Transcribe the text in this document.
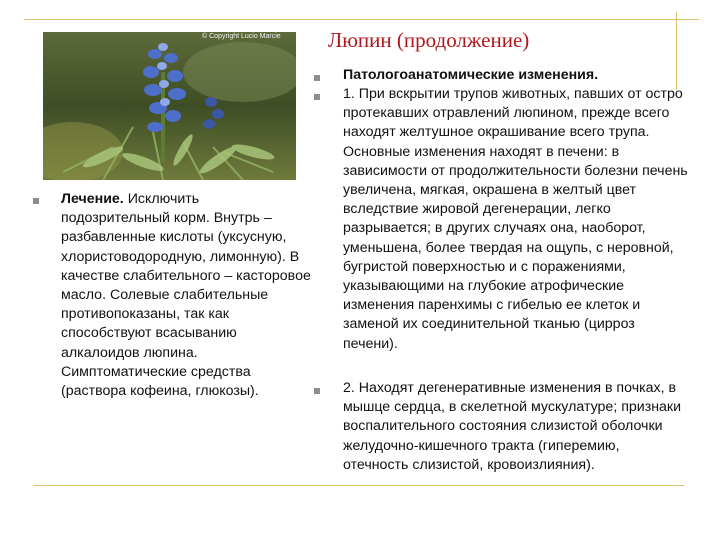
Люпин (продолжение)
© Copyright Lucio Marcie

Лечение. Исключить подозрительный корм. Внутрь – разбавленные кислоты (уксусную, хлористоводородную, лимонную). В качестве слабительного – касторовое масло. Солевые слабительные противопоказаны, так как способствуют всасыванию алкалоидов люпина. Симптоматические средства (раствора кофеина, глюкозы).

Патологоанатомические изменения.

1. При вскрытии трупов животных, павших от остро протекавших отравлений люпином, прежде всего находят желтушное окрашивание всего трупа. Основные изменения находят в печени: в зависимости от продолжительности болезни печень увеличена, мягкая, окрашена в желтый цвет вследствие жировой дегенерации, легко разрывается; в других случаях она, наоборот, уменьшена, более твердая на ощупь, с неровной, бугристой поверхностью и с поражениями, указывающими на глубокие атрофические изменения паренхимы с гибелью ее клеток и заменой их соединительной тканью (цирроз печени).

2. Находят дегенеративные изменения в почках, в мышце сердца, в скелетной мускулатуре; признаки воспалительного состояния слизистой оболочки желудочно-кишечного тракта (гиперемию, отечность слизистой, кровоизлияния).
